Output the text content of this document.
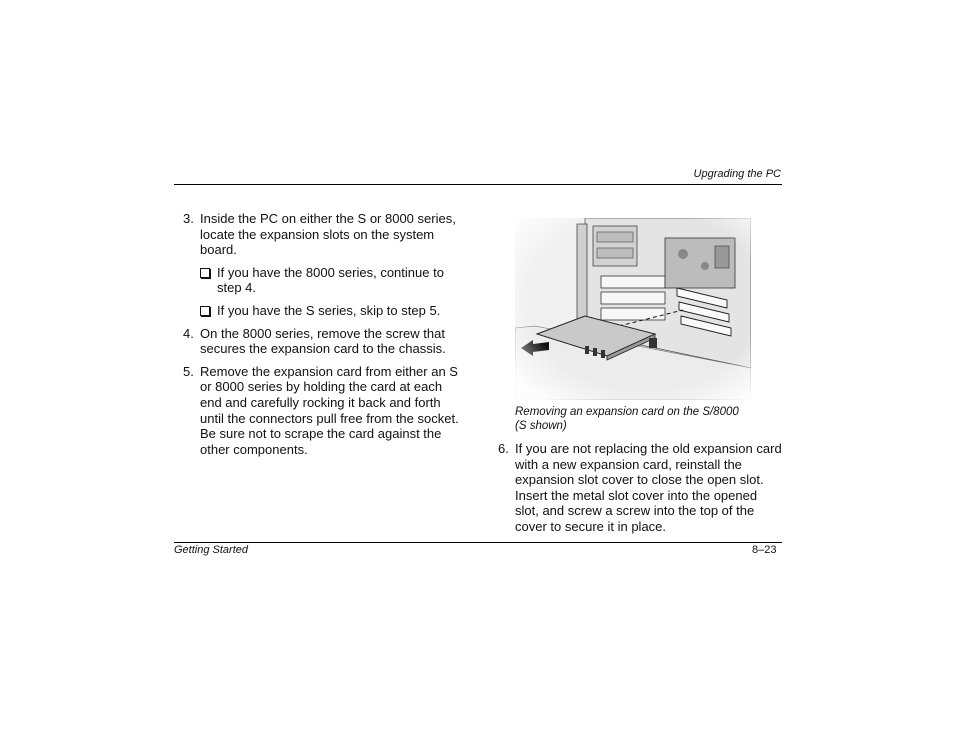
Upgrading the PC
3. Inside the PC on either the S or 8000 series, locate the expansion slots on the system board.
If you have the 8000 series, continue to step 4.
If you have the S series, skip to step 5.
4. On the 8000 series, remove the screw that secures the expansion card to the chassis.
5. Remove the expansion card from either an S or 8000 series by holding the card at each end and carefully rocking it back and forth until the connectors pull free from the socket. Be sure not to scrape the card against the other components.
Removing an expansion card on the S/8000
(S shown)
6. If you are not replacing the old expansion card with a new expansion card, reinstall the expansion slot cover to close the open slot. Insert the metal slot cover into the opened slot, and screw a screw into the top of the cover to secure it in place.
Getting Started	8–23
